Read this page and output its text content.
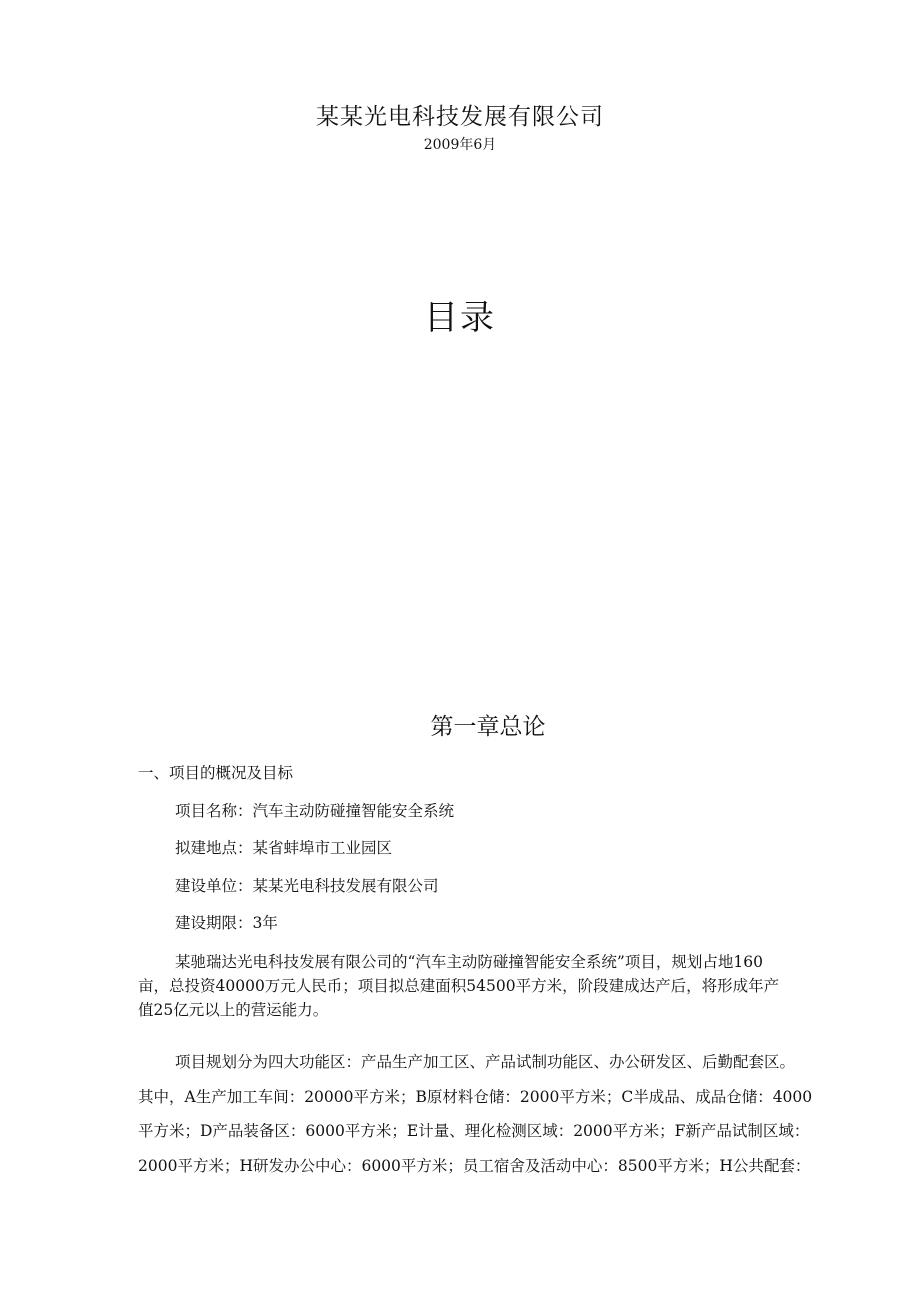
某某光电科技发展有限公司
2009年6月
目录
第一章总论
一、项目的概况及目标
项目名称：汽车主动防碰撞智能安全系统
拟建地点：某省蚌埠市工业园区
建设单位：某某光电科技发展有限公司
建设期限：3年
某驰瑞达光电科技发展有限公司的“汽车主动防碰撞智能安全系统”项目，规划占地160
亩，总投资40000万元人民币；项目拟总建面积54500平方米，阶段建成达产后，将形成年产
值25亿元以上的营运能力。
项目规划分为四大功能区：产品生产加工区、产品试制功能区、办公研发区、后勤配套区。
其中，A生产加工车间：20000平方米；B原材料仓储：2000平方米；C半成品、成品仓储：4000
平方米；D产品装备区：6000平方米；E计量、理化检测区域：2000平方米；F新产品试制区域：
2000平方米；H研发办公中心：6000平方米；员工宿舍及活动中心：8500平方米；H公共配套：
